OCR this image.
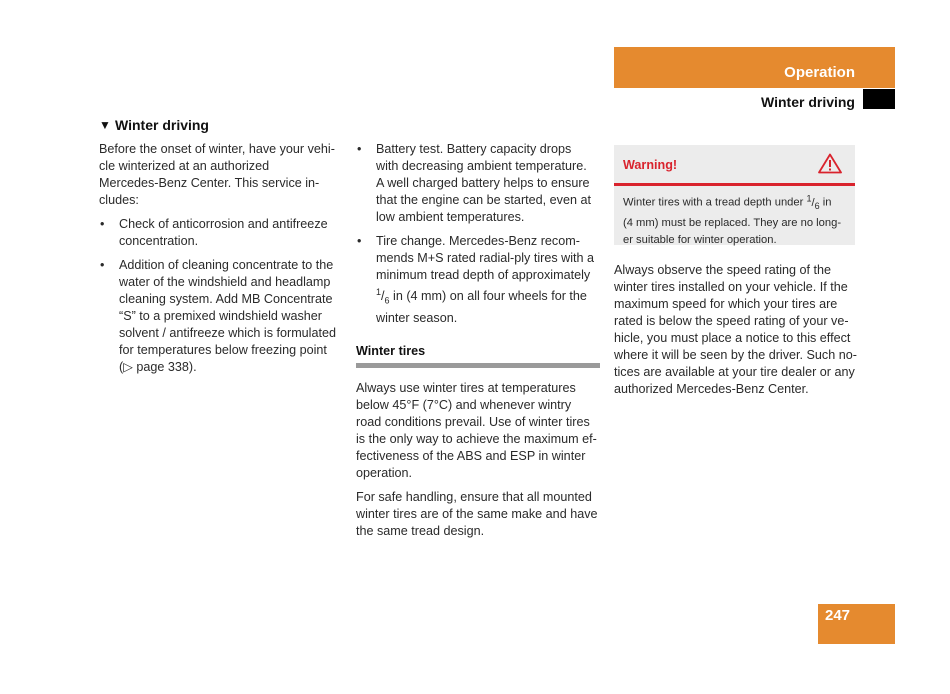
Operation
Winter driving
▼ Winter driving

Before the onset of winter, have your vehi-
cle winterized at an authorized
Mercedes-Benz Center. This service in-
cludes:

• Check of anticorrosion and antifreeze
concentration.
• Addition of cleaning concentrate to the
water of the windshield and headlamp
cleaning system. Add MB Concentrate
“S” to a premixed windshield washer
solvent / antifreeze which is formulated
for temperatures below freezing point
(▷ page 338).
• Battery test. Battery capacity drops
with decreasing ambient temperature.
A well charged battery helps to ensure
that the engine can be started, even at
low ambient temperatures.
• Tire change. Mercedes-Benz recom-
mends M+S rated radial-ply tires with a
minimum tread depth of approximately
$^1/_6$ in (4 mm) on all four wheels for the
winter season.
Winter tires

Always use winter tires at temperatures
below 45°F (7°C) and whenever wintry
road conditions prevail. Use of winter tires
is the only way to achieve the maximum ef-
fectiveness of the ABS and ESP in winter
operation.

For safe handling, ensure that all mounted
winter tires are of the same make and have
the same tread design.

Warning!
Winter tires with a tread depth under $^1/_6$ in
(4 mm) must be replaced. They are no long-
er suitable for winter operation.

Always observe the speed rating of the
winter tires installed on your vehicle. If the
maximum speed for which your tires are
rated is below the speed rating of your ve-
hicle, you must place a notice to this effect
where it will be seen by the driver. Such no-
tices are available at your tire dealer or any
authorized Mercedes-Benz Center.

247
